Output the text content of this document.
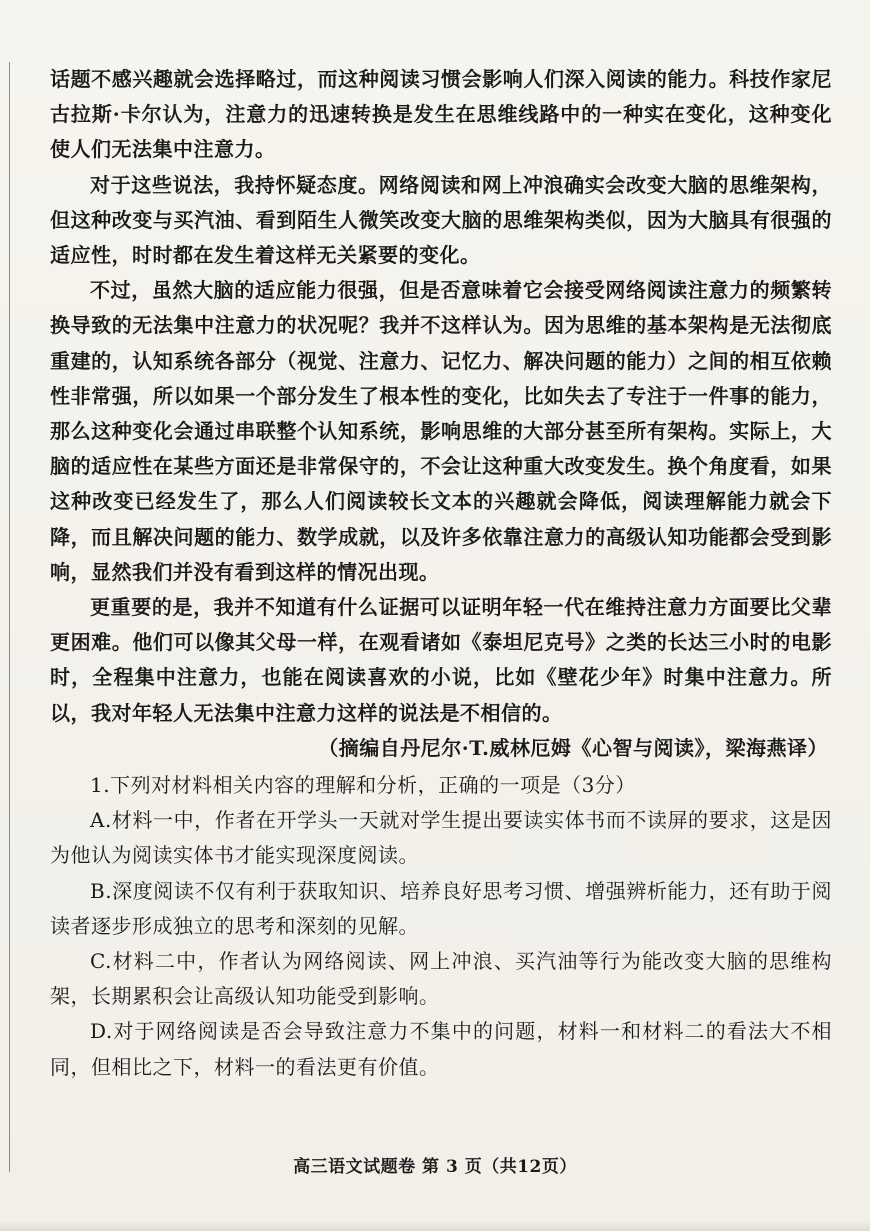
话题不感兴趣就会选择略过，而这种阅读习惯会影响人们深入阅读的能力。科技作家尼古拉斯·卡尔认为，注意力的迅速转换是发生在思维线路中的一种实在变化，这种变化使人们无法集中注意力。

对于这些说法，我持怀疑态度。网络阅读和网上冲浪确实会改变大脑的思维架构，但这种改变与买汽油、看到陌生人微笑改变大脑的思维架构类似，因为大脑具有很强的适应性，时时都在发生着这样无关紧要的变化。

不过，虽然大脑的适应能力很强，但是否意味着它会接受网络阅读注意力的频繁转换导致的无法集中注意力的状况呢？我并不这样认为。因为思维的基本架构是无法彻底重建的，认知系统各部分（视觉、注意力、记忆力、解决问题的能力）之间的相互依赖性非常强，所以如果一个部分发生了根本性的变化，比如失去了专注于一件事的能力，那么这种变化会通过串联整个认知系统，影响思维的大部分甚至所有架构。实际上，大脑的适应性在某些方面还是非常保守的，不会让这种重大改变发生。换个角度看，如果这种改变已经发生了，那么人们阅读较长文本的兴趣就会降低，阅读理解能力就会下降，而且解决问题的能力、数学成就，以及许多依靠注意力的高级认知功能都会受到影响，显然我们并没有看到这样的情况出现。

更重要的是，我并不知道有什么证据可以证明年轻一代在维持注意力方面要比父辈更困难。他们可以像其父母一样，在观看诸如《泰坦尼克号》之类的长达三小时的电影时，全程集中注意力，也能在阅读喜欢的小说，比如《壁花少年》时集中注意力。所以，我对年轻人无法集中注意力这样的说法是不相信的。

（摘编自丹尼尔·T.威林厄姆《心智与阅读》，梁海燕译）

1.下列对材料相关内容的理解和分析，正确的一项是（3分）

A.材料一中，作者在开学头一天就对学生提出要读实体书而不读屏的要求，这是因为他认为阅读实体书才能实现深度阅读。

B.深度阅读不仅有利于获取知识、培养良好思考习惯、增强辨析能力，还有助于阅读者逐步形成独立的思考和深刻的见解。

C.材料二中，作者认为网络阅读、网上冲浪、买汽油等行为能改变大脑的思维构架，长期累积会让高级认知功能受到影响。

D.对于网络阅读是否会导致注意力不集中的问题，材料一和材料二的看法大不相同，但相比之下，材料一的看法更有价值。

高三语文试题卷 第 3 页（共12页）
